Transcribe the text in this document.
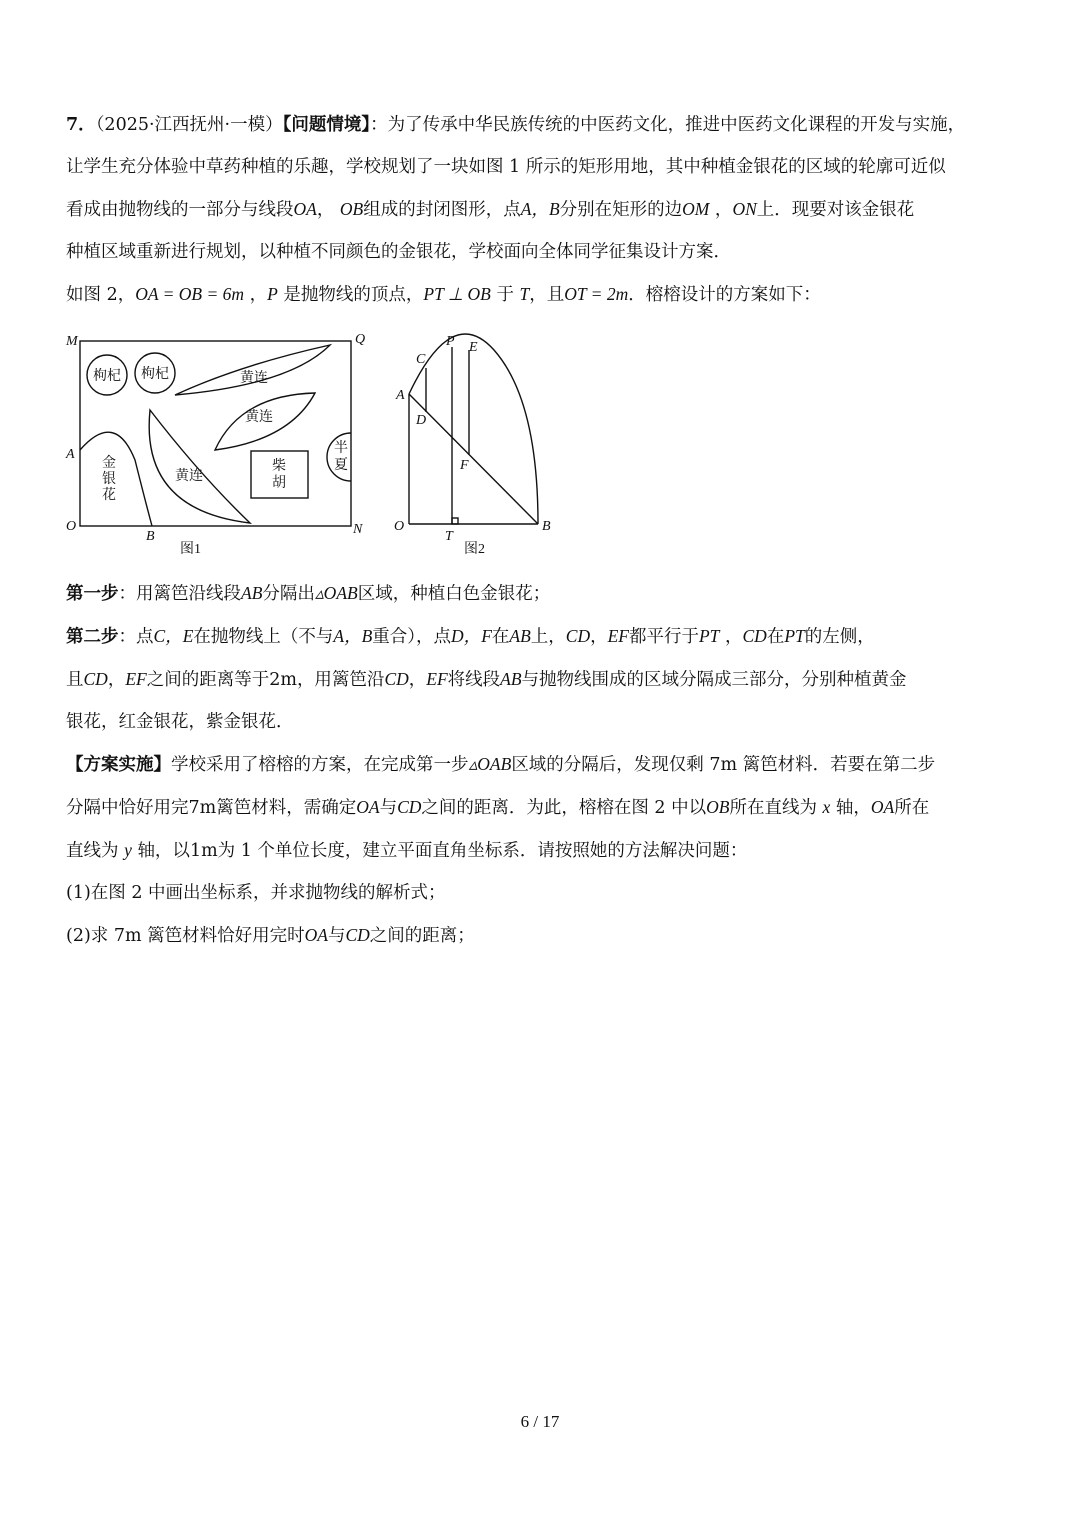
7．（2025·江西抚州·一模）【问题情境】：为了传承中华民族传统的中医药文化，推进中医药文化课程的开发与实施，

让学生充分体验中草药种植的乐趣，学校规划了一块如图 1 所示的矩形用地，其中种植金银花的区域的轮廓可近似

看成由抛物线的一部分与线段OA， OB组成的封闭图形，点A，B分别在矩形的边OM ，ON上．现要对该金银花

种植区域重新进行规划，以种植不同颜色的金银花，学校面向全体同学征集设计方案．

如图 2，OA = OB = 6m ，P 是抛物线的顶点，PT ⊥ OB 于 T，且OT = 2m．榕榕设计的方案如下：

M	Q
A
O
B	N
枸杞 枸杞	黄连
黄连
黄连
金
银
花
柴
胡
半
夏
图1
P E
C
A
D
F
O
T
B
图2

第一步：用篱笆沿线段AB分隔出▵OAB区域，种植白色金银花；

第二步：点C，E在抛物线上（不与A，B重合），点D，F在AB上，CD，EF都平行于PT ，CD在PT的左侧，

且CD，EF之间的距离等于2m，用篱笆沿CD，EF将线段AB与抛物线围成的区域分隔成三部分，分别种植黄金

银花，红金银花，紫金银花．

【方案实施】学校采用了榕榕的方案，在完成第一步▵OAB区域的分隔后，发现仅剩 7m 篱笆材料．若要在第二步

分隔中恰好用完7m篱笆材料，需确定OA与CD之间的距离．为此，榕榕在图 2 中以OB所在直线为 x 轴，OA所在

直线为 y 轴，以1m为 1 个单位长度，建立平面直角坐标系．请按照她的方法解决问题：

(1)在图 2 中画出坐标系，并求抛物线的解析式；

(2)求 7m 篱笆材料恰好用完时OA与CD之间的距离；

6 / 17
